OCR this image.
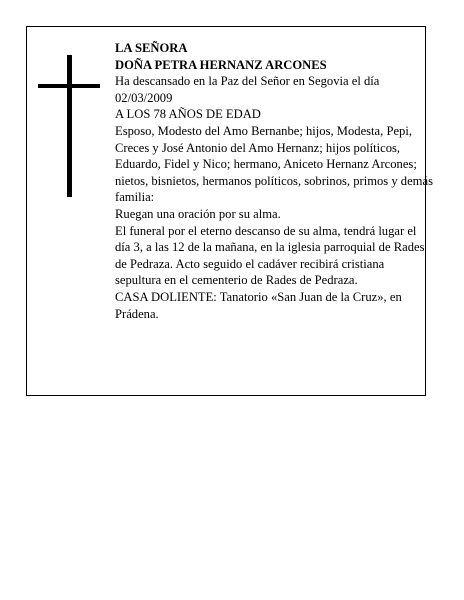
LA SEÑORA

DOÑA PETRA HERNANZ ARCONES

Ha descansado en la Paz del Señor en Segovia el día 02/03/2009

A LOS 78 AÑOS DE EDAD

Esposo, Modesto del Amo Bernanbe; hijos, Modesta, Pepi, Creces y José Antonio del Amo Hernanz; hijos políticos, Eduardo, Fidel y Nico; hermano, Aniceto Hernanz Arcones; nietos, bisnietos, hermanos políticos, sobrinos, primos y demás familia:

Ruegan una oración por su alma.

El funeral por el eterno descanso de su alma, tendrá lugar el día 3, a las 12 de la mañana, en la iglesia parroquial de Rades de Pedraza. Acto seguido el cadáver recibirá cristiana sepultura en el cementerio de Rades de Pedraza.

CASA DOLIENTE: Tanatorio «San Juan de la Cruz», en Prádena.
